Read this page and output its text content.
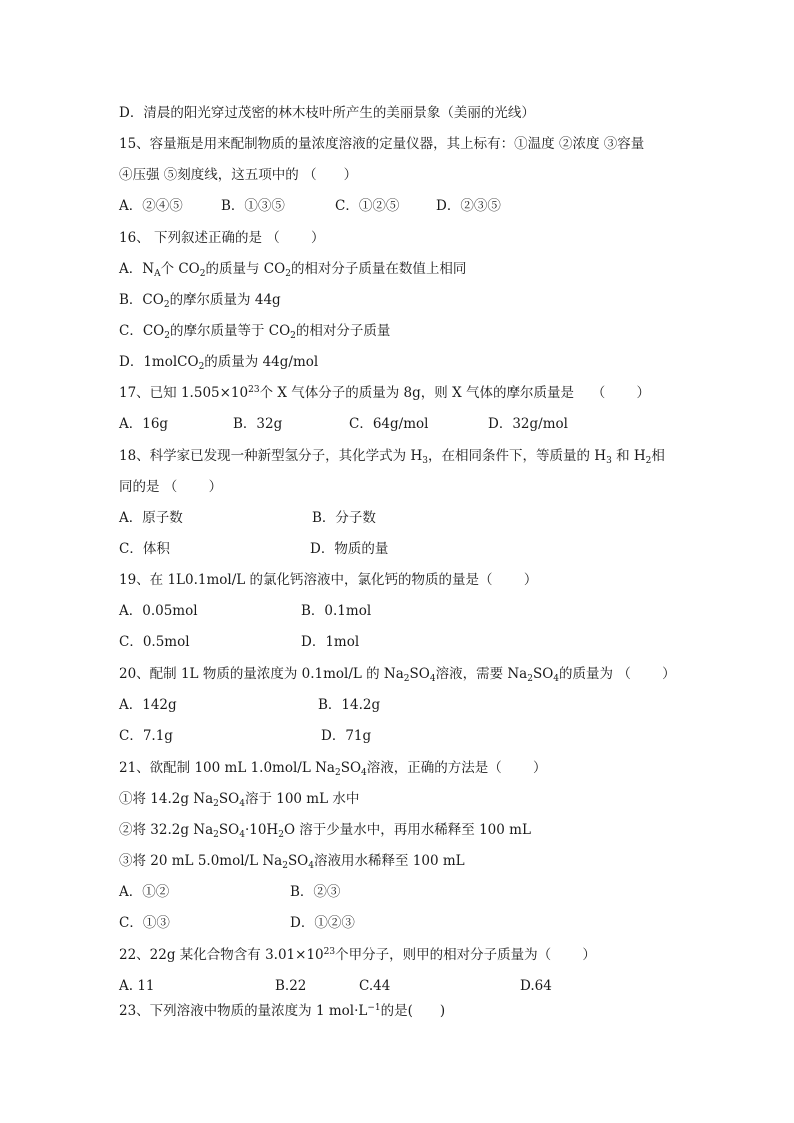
D．清晨的阳光穿过茂密的林木枝叶所产生的美丽景象（美丽的光线）
15、容量瓶是用来配制物质的量浓度溶液的定量仪器，其上标有：①温度 ②浓度 ③容量
④压强 ⑤刻度线，这五项中的 （　　）
A．②④⑤	B．①③⑤	C．①②⑤	D．②③⑤
16、 下列叙述正确的是 （　　 ）
A．$N_A$个 $CO_2$的质量与 $CO_2$的相对分子质量在数值上相同
B．$CO_2$的摩尔质量为 44g
C．$CO_2$的摩尔质量等于 $CO_2$的相对分子质量
D．1molCO$_2$的质量为 44g/mol
17、已知 $1.505\times 10^{23}$个 X 气体分子的质量为 8g，则 X 气体的摩尔质量是　 （　　 ）
A．16g	B．32g	C．64g/mol	D．32g/mol
18、科学家已发现一种新型氢分子，其化学式为 $H_3$，在相同条件下，等质量的 $H_3$ 和 $H_2$相
同的是 （　　 ）
A．原子数	B．分子数
C．体积	D．物质的量
19、在 1L0.1mol/L 的氯化钙溶液中，氯化钙的物质的量是（　　 ）
A．0.05mol	B．0.1mol
C．0.5mol	D．1mol
20、配制 1L 物质的量浓度为 0.1mol/L 的 $Na_2SO_4$溶液，需要 $Na_2SO_4$的质量为 （　　 ）
A．142g	B．14.2g
C．7.1g	D．71g
21、欲配制 100 mL 1.0mol/L $Na_2SO_4$溶液，正确的方法是（　　 ）
①将 14.2g $Na_2SO_4$溶于 100 mL 水中
②将 32.2g $Na_2SO_4\cdot 10H_2O$ 溶于少量水中，再用水稀释至 100 mL
③将 20 mL 5.0mol/L $Na_2SO_4$溶液用水稀释至 100 mL
A．①②	B．②③
C．①③	D．①②③
22、22g 某化合物含有 $3.01\times 10^{23}$个甲分子，则甲的相对分子质量为（　　 ）
A. 11	B.22	C.44	D.64
23、下列溶液中物质的量浓度为 1 $mol\cdot L^{-1}$的是(　　)
